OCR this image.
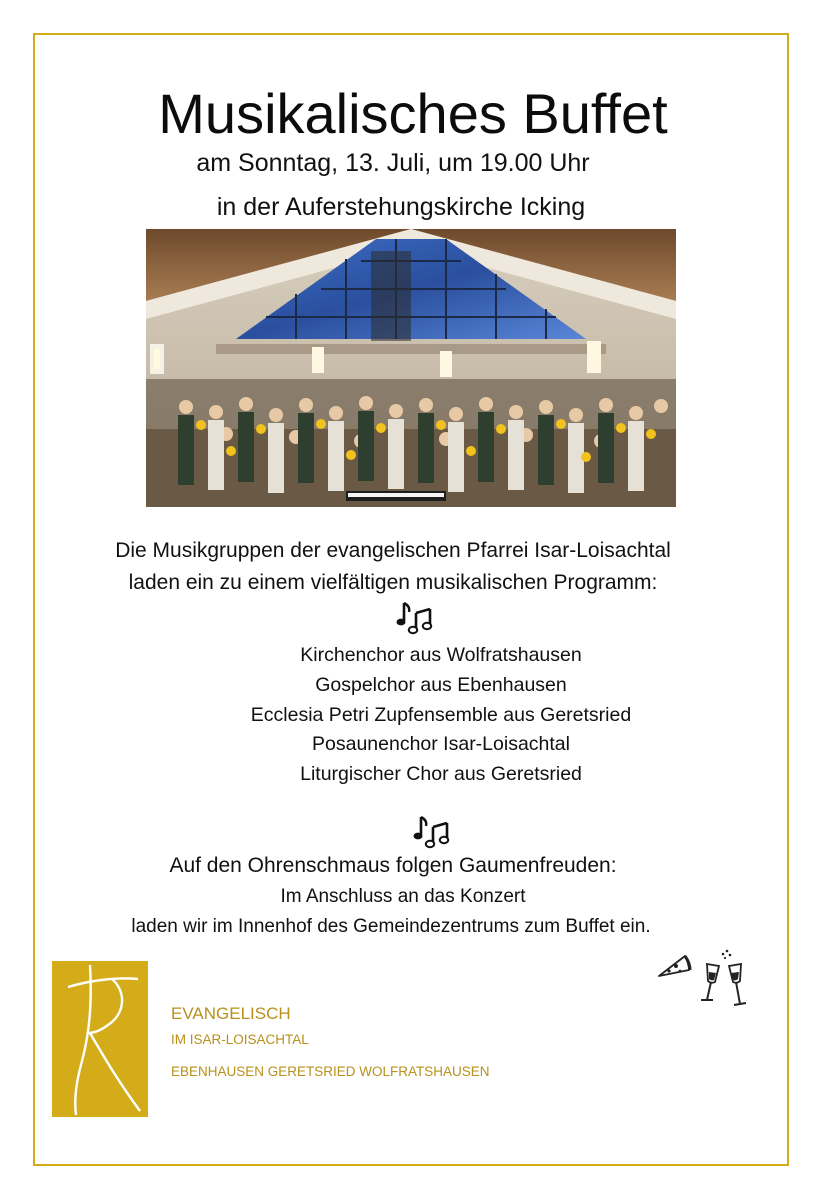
Musikalisches Buffet
am Sonntag, 13. Juli, um 19.00 Uhr
in der Auferstehungskirche Icking
Die Musikgruppen der evangelischen Pfarrei Isar-Loisachtal
laden ein zu einem vielfältigen musikalischen Programm:
Kirchenchor aus Wolfratshausen
Gospelchor aus Ebenhausen
Ecclesia Petri Zupfensemble aus Geretsried
Posaunenchor Isar-Loisachtal
Liturgischer Chor aus Geretsried
Auf den Ohrenschmaus folgen Gaumenfreuden:
Im Anschluss an das Konzert
laden wir im Innenhof des Gemeindezentrums zum Buffet ein.
EVANGELISCH
IM ISAR-LOISACHTAL
EBENHAUSEN GERETSRIED WOLFRATSHAUSEN
